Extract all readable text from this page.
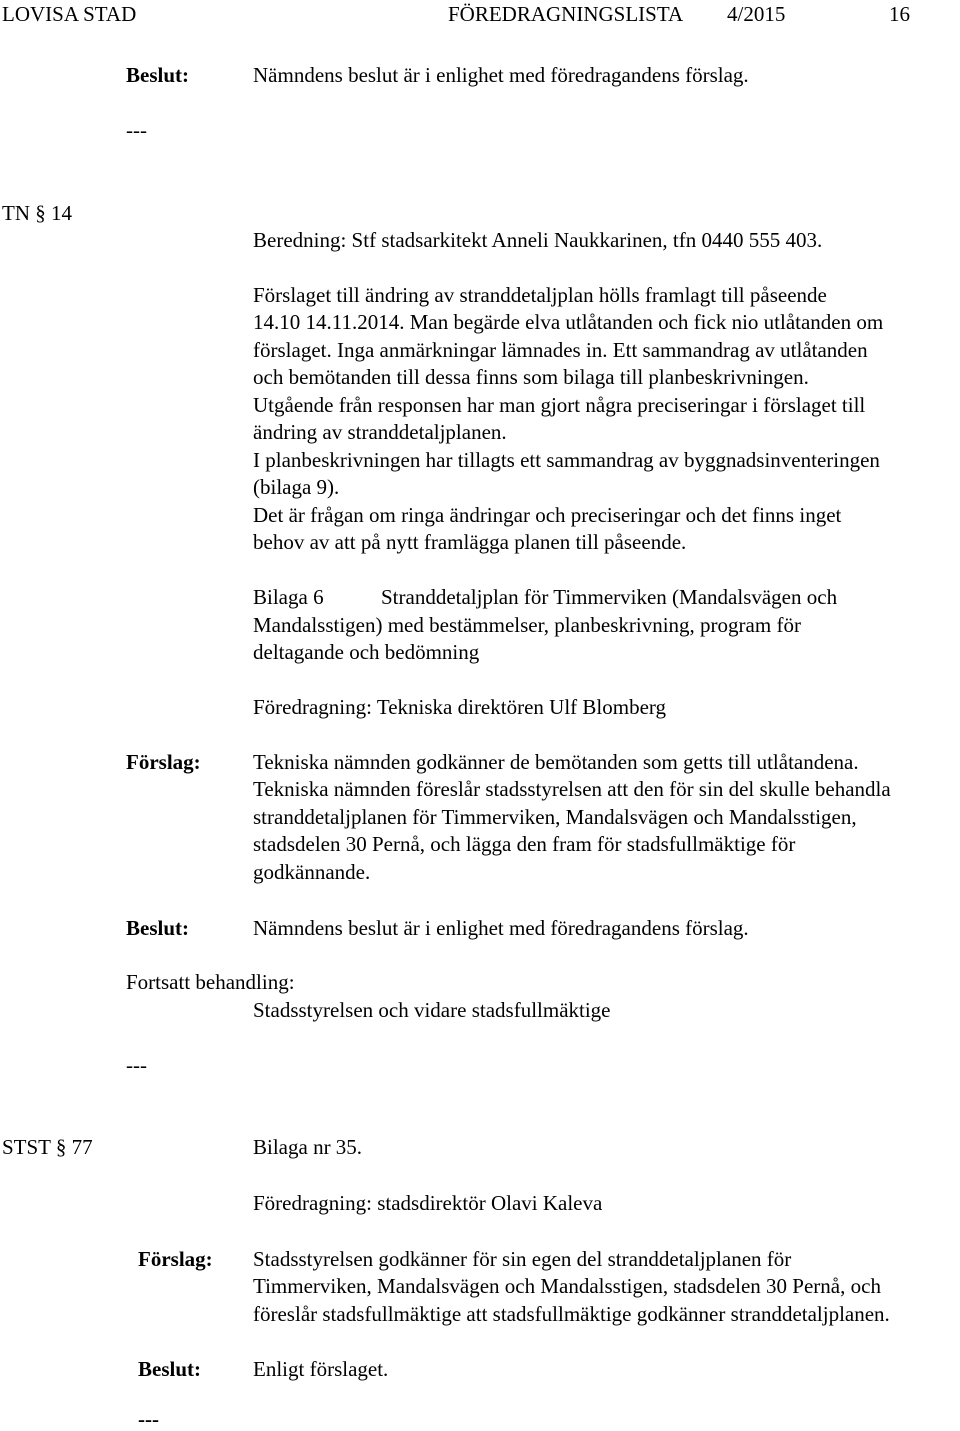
LOVISA STAD	FÖREDRAGNINGSLISTA 4/2015	16
Beslut:	Nämndens beslut är i enlighet med föredragandens förslag.
---
TN § 14
Beredning: Stf stadsarkitekt Anneli Naukkarinen, tfn 0440 555 403.
Förslaget till ändring av stranddetaljplan hölls framlagt till påseende
14.10 14.11.2014. Man begärde elva utlåtanden och fick nio utlåtanden om
förslaget. Inga anmärkningar lämnades in. Ett sammandrag av utlåtanden
och bemötanden till dessa finns som bilaga till planbeskrivningen.
Utgående från responsen har man gjort några preciseringar i förslaget till
ändring av stranddetaljplanen.
I planbeskrivningen har tillagts ett sammandrag av byggnadsinventeringen
(bilaga 9).
Det är frågan om ringa ändringar och preciseringar och det finns inget
behov av att på nytt framlägga planen till påseende.
Bilaga 6	Stranddetaljplan för Timmerviken (Mandalsvägen och
Mandalsstigen) med bestämmelser, planbeskrivning, program för
deltagande och bedömning
Föredragning: Tekniska direktören Ulf Blomberg
Förslag: Tekniska nämnden godkänner de bemötanden som getts till utlåtandena.
Tekniska nämnden föreslår stadsstyrelsen att den för sin del skulle behandla
stranddetaljplanen för Timmerviken, Mandalsvägen och Mandalsstigen,
stadsdelen 30 Pernå, och lägga den fram för stadsfullmäktige för
godkännande.
Beslut:	Nämndens beslut är i enlighet med föredragandens förslag.
Fortsatt behandling:
Stadsstyrelsen och vidare stadsfullmäktige
---
STST § 77	Bilaga nr 35.
Föredragning: stadsdirektör Olavi Kaleva
Förslag: Stadsstyrelsen godkänner för sin egen del stranddetaljplanen för
Timmerviken, Mandalsvägen och Mandalsstigen, stadsdelen 30 Pernå, och
föreslår stadsfullmäktige att stadsfullmäktige godkänner stranddetaljplanen.
Beslut: Enligt förslaget.
---
